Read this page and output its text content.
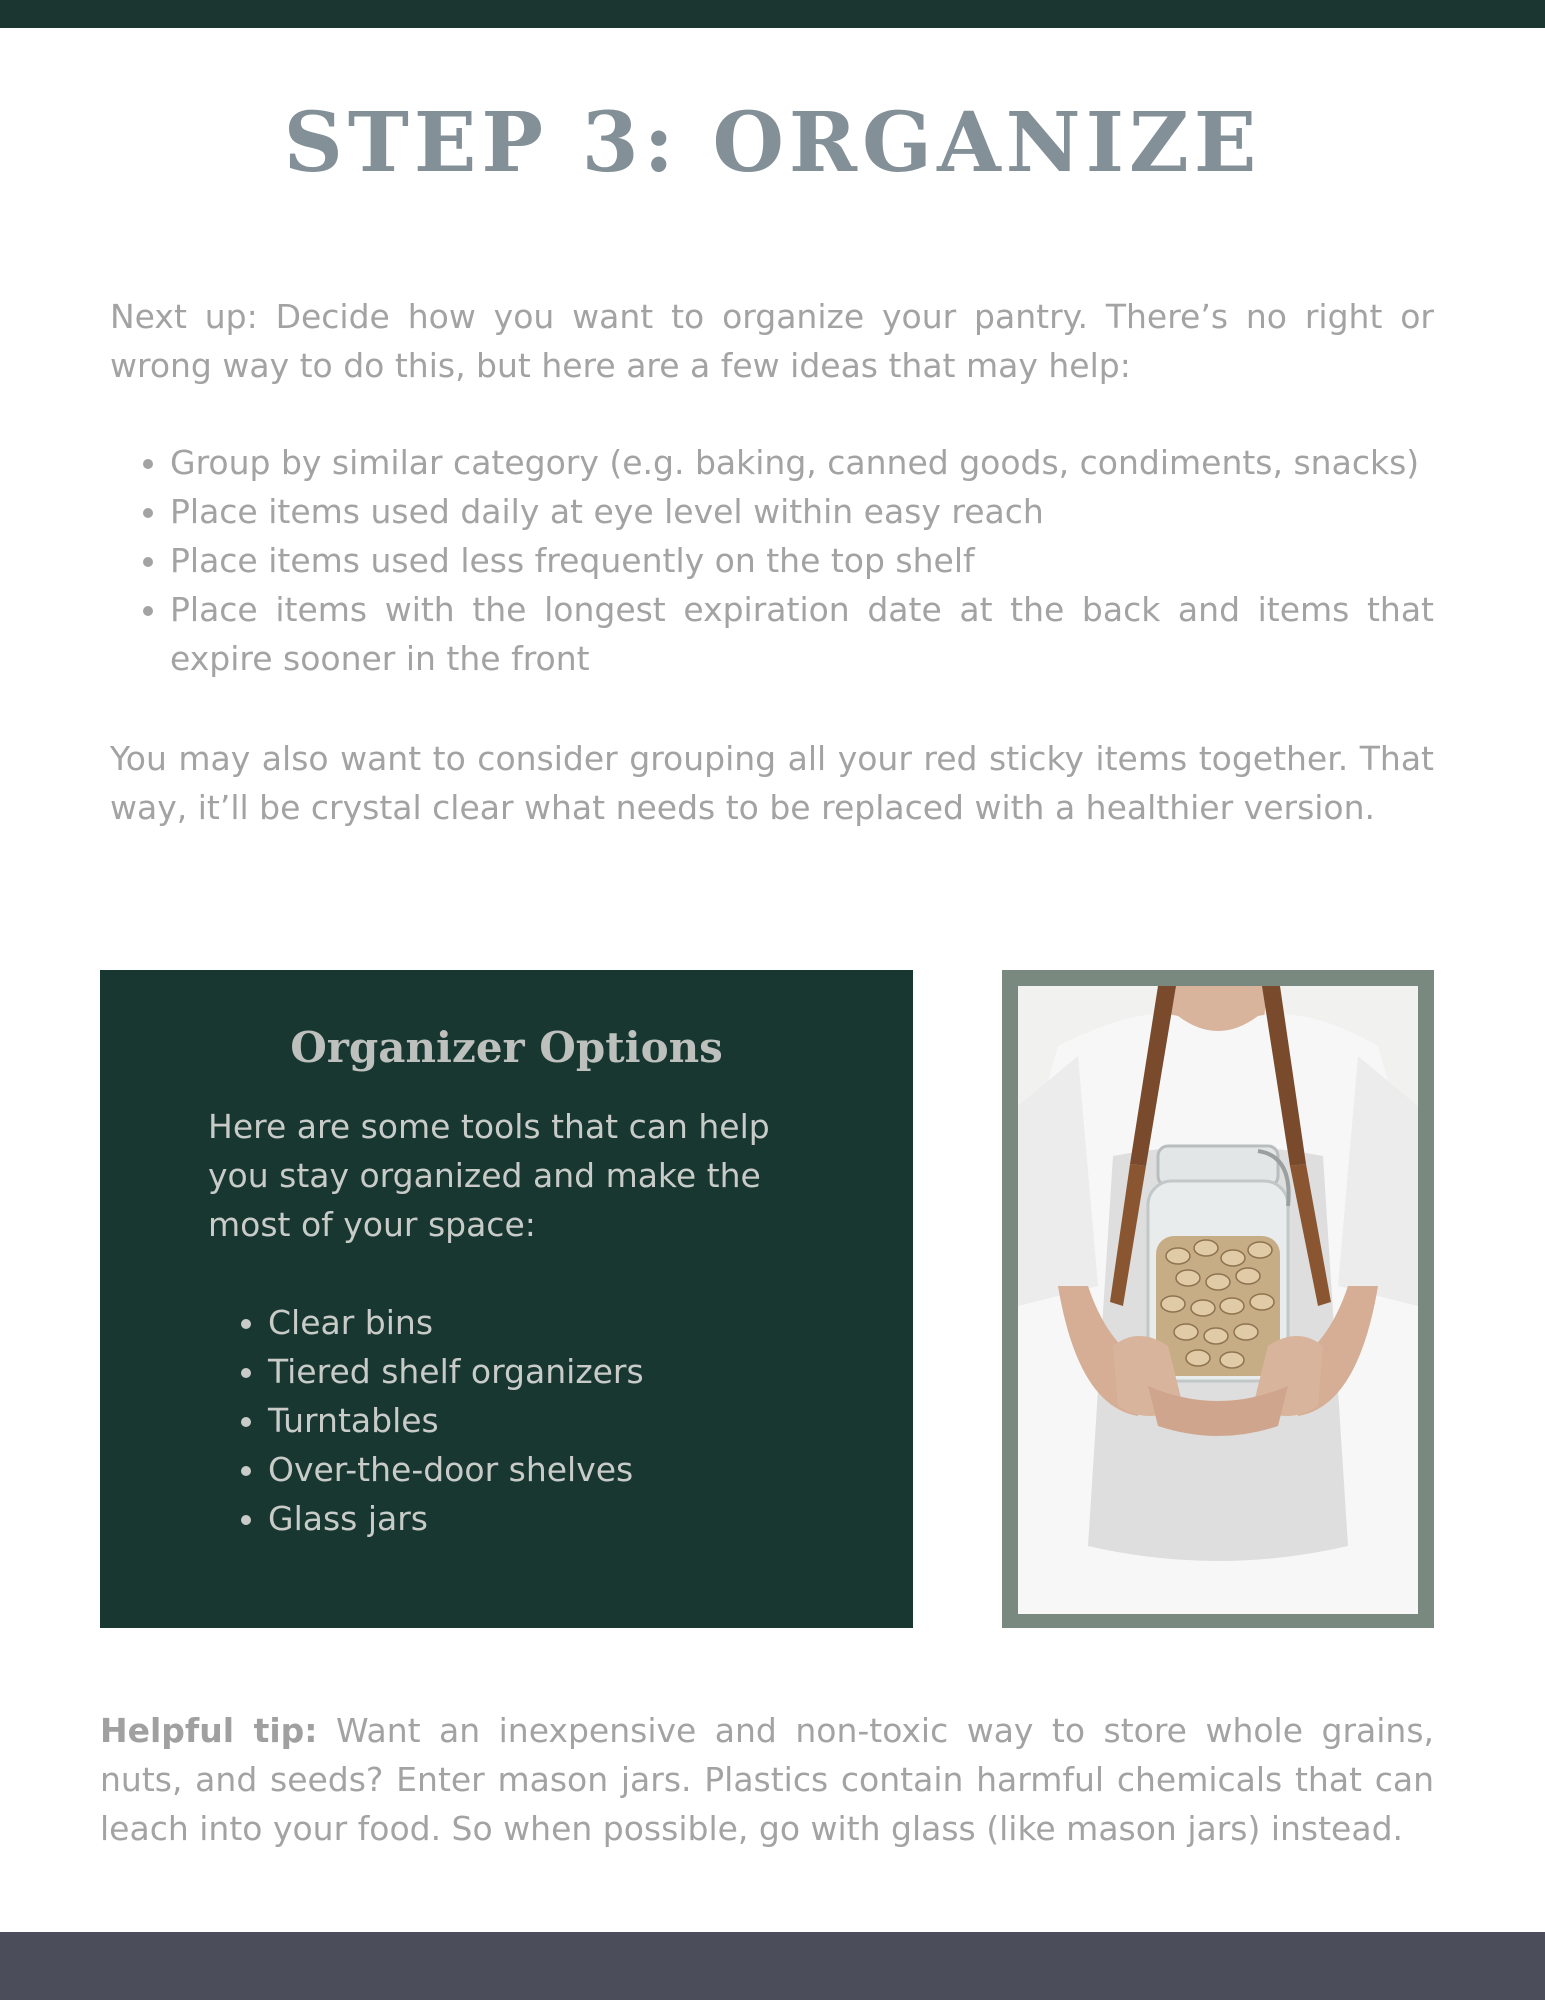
STEP 3: ORGANIZE

Next up: Decide how you want to organize your pantry. There’s no right or wrong way to do this, but here are a few ideas that may help:

• Group by similar category (e.g. baking, canned goods, condiments, snacks)
• Place items used daily at eye level within easy reach
• Place items used less frequently on the top shelf
• Place items with the longest expiration date at the back and items that expire sooner in the front

You may also want to consider grouping all your red sticky items together. That way, it’ll be crystal clear what needs to be replaced with a healthier version.

Organizer Options

Here are some tools that can help you stay organized and make the most of your space:

• Clear bins
• Tiered shelf organizers
• Turntables
• Over-the-door shelves
• Glass jars

Helpful tip: Want an inexpensive and non-toxic way to store whole grains, nuts, and seeds? Enter mason jars. Plastics contain harmful chemicals that can leach into your food. So when possible, go with glass (like mason jars) instead.
